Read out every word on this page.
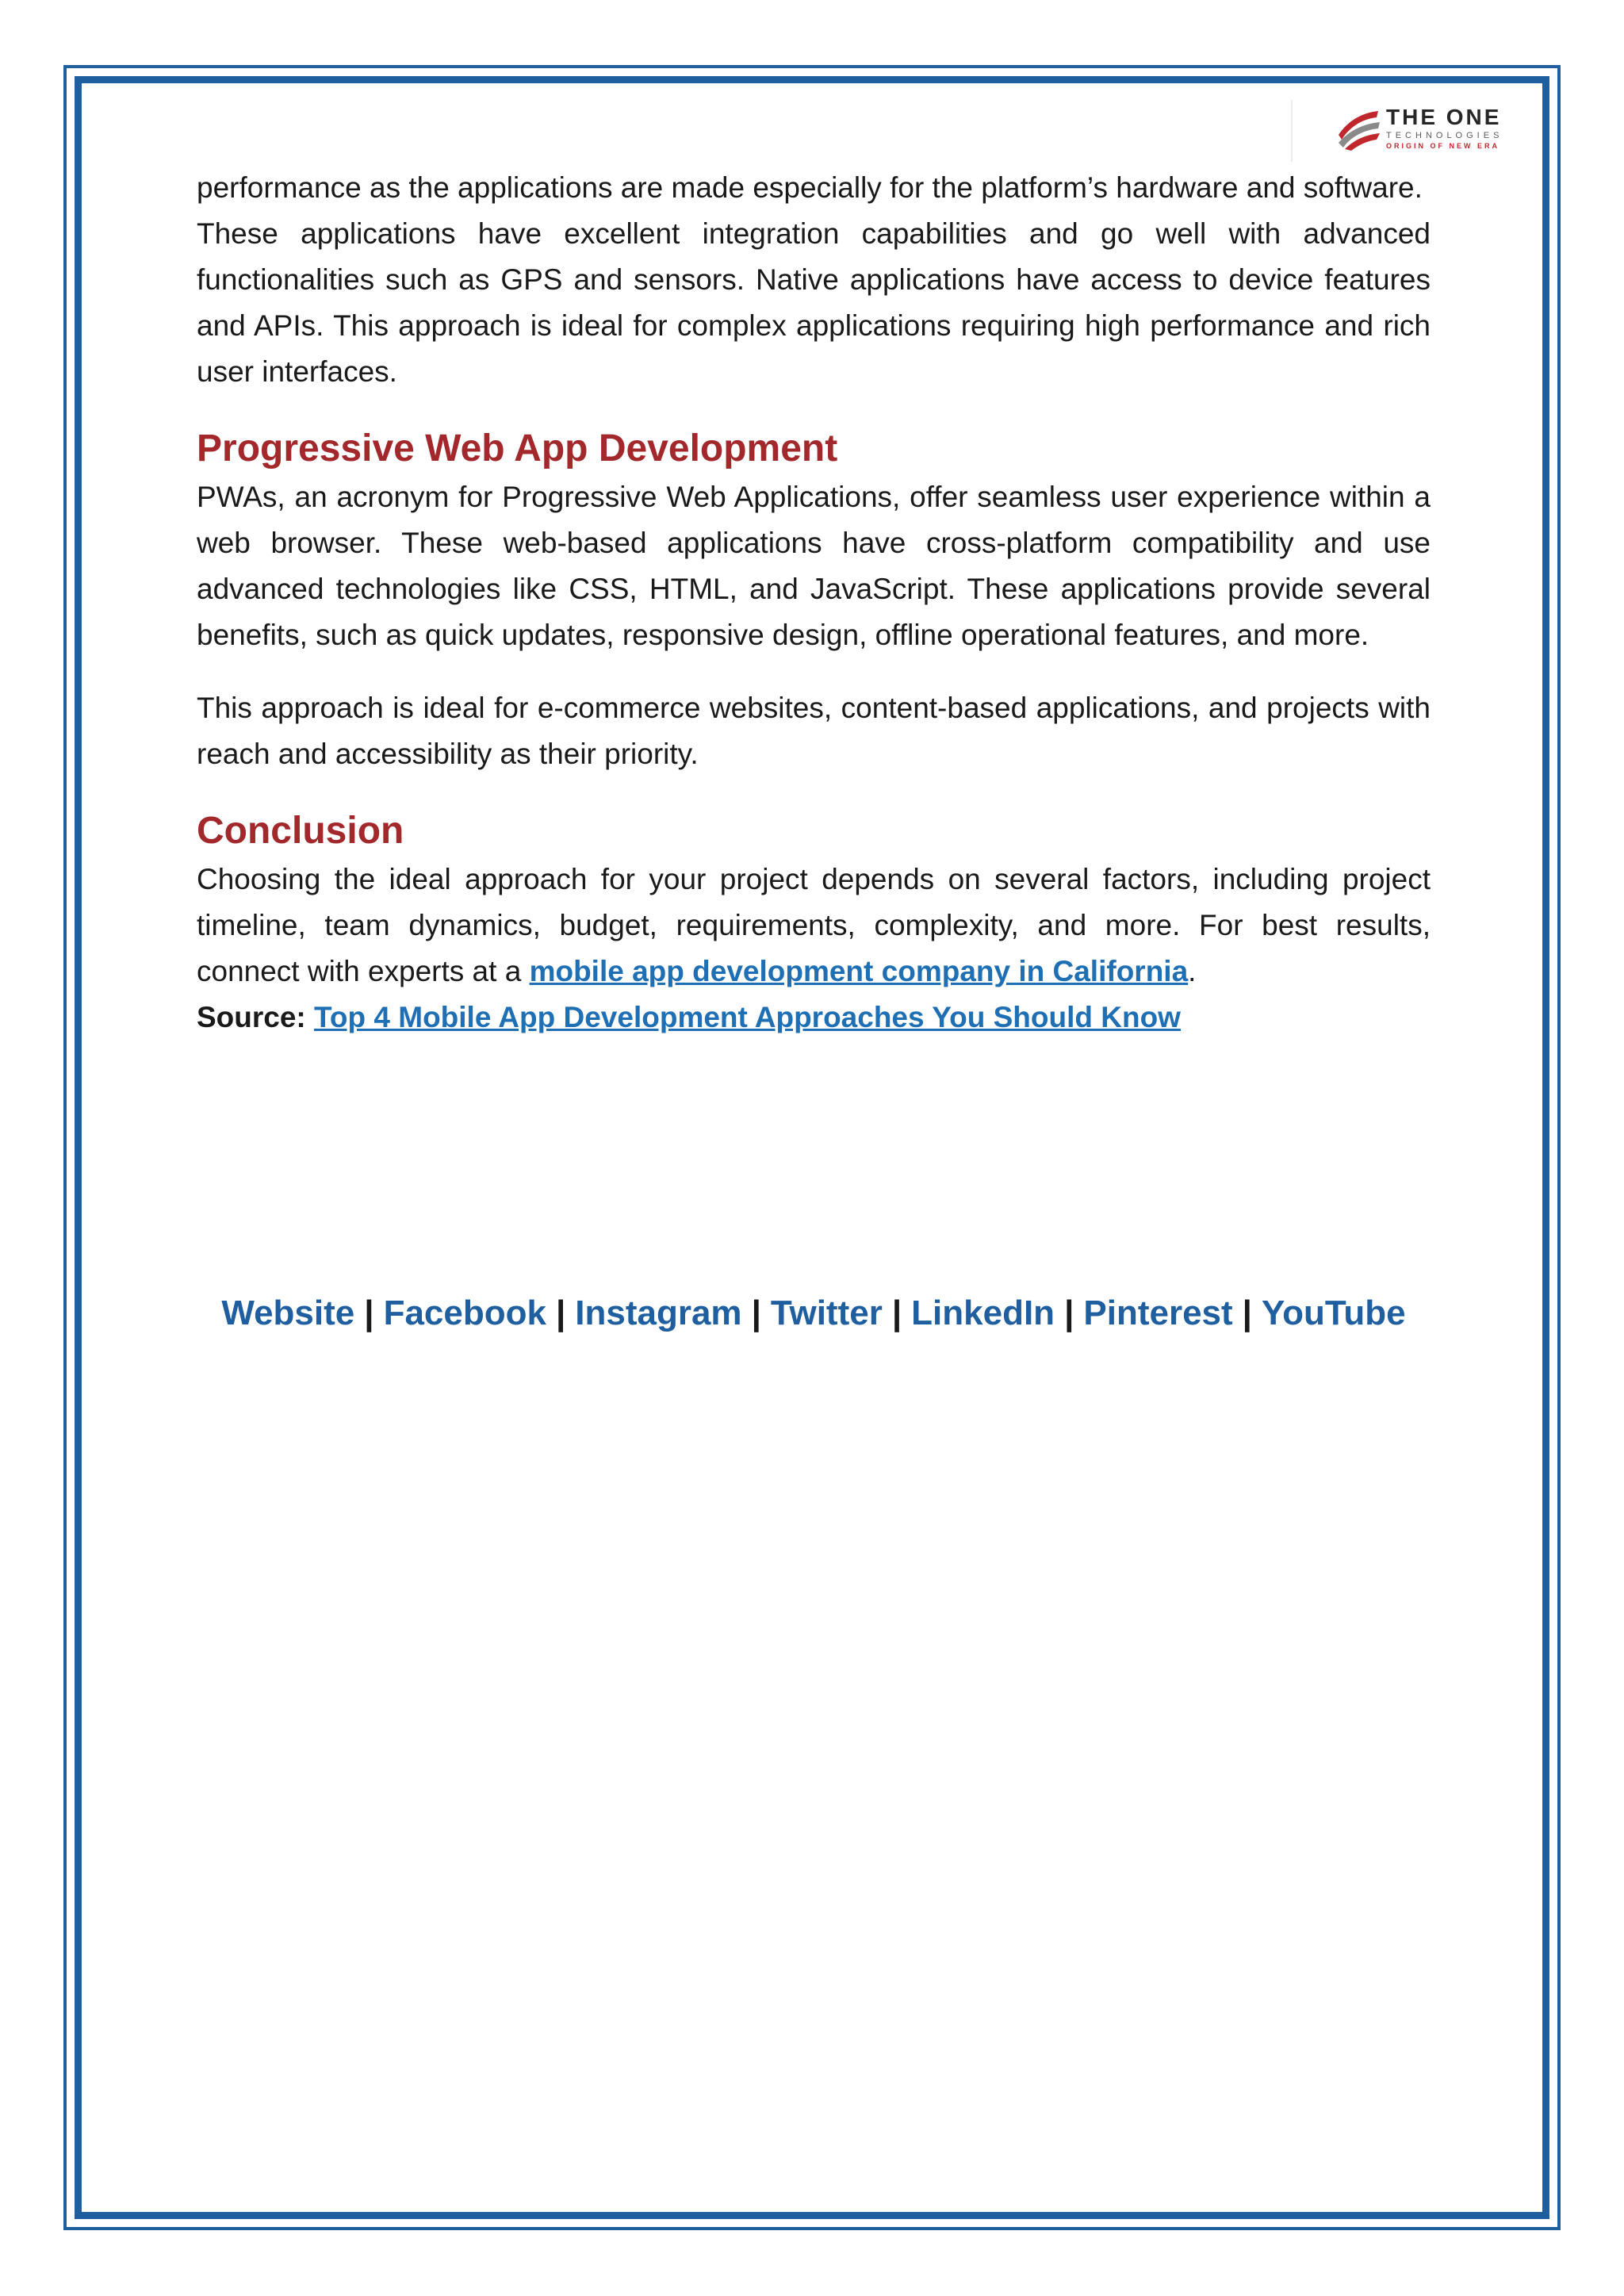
THE ONE
TECHNOLOGIES
ORIGIN OF NEW ERA

performance as the applications are made especially for the platform’s hardware and software.

These applications have excellent integration capabilities and go well with advanced functionalities such as GPS and sensors. Native applications have access to device features and APIs. This approach is ideal for complex applications requiring high performance and rich user interfaces.

Progressive Web App Development

PWAs, an acronym for Progressive Web Applications, offer seamless user experience within a web browser. These web-based applications have cross-platform compatibility and use advanced technologies like CSS, HTML, and JavaScript. These applications provide several benefits, such as quick updates, responsive design, offline operational features, and more.

This approach is ideal for e-commerce websites, content-based applications, and projects with reach and accessibility as their priority.

Conclusion

Choosing the ideal approach for your project depends on several factors, including project timeline, team dynamics, budget, requirements, complexity, and more. For best results, connect with experts at a mobile app development company in California.

Source: Top 4 Mobile App Development Approaches You Should Know

Website | Facebook | Instagram | Twitter | LinkedIn | Pinterest | YouTube
